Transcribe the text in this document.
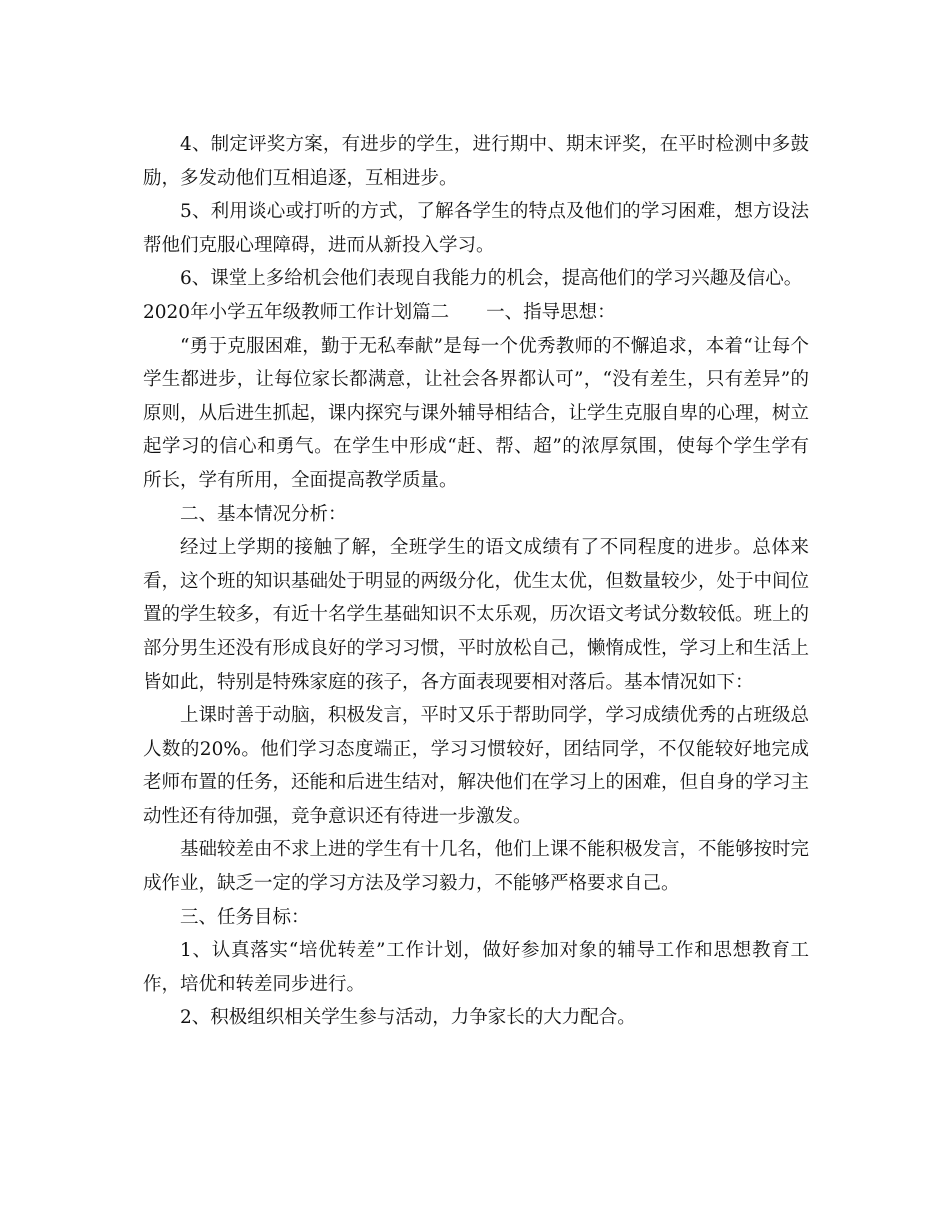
4、制定评奖方案，有进步的学生，进行期中、期末评奖，在平时检测中多鼓励，多发动他们互相追逐，互相进步。

5、利用谈心或打听的方式，了解各学生的特点及他们的学习困难，想方设法帮他们克服心理障碍，进而从新投入学习。

6、课堂上多给机会他们表现自我能力的机会，提高他们的学习兴趣及信心。

2020年小学五年级教师工作计划篇二　　一、指导思想：

“勇于克服困难，勤于无私奉献”是每一个优秀教师的不懈追求，本着“让每个学生都进步，让每位家长都满意，让社会各界都认可”，“没有差生，只有差异”的原则，从后进生抓起，课内探究与课外辅导相结合，让学生克服自卑的心理，树立起学习的信心和勇气。在学生中形成“赶、帮、超”的浓厚氛围，使每个学生学有所长，学有所用，全面提高教学质量。

二、基本情况分析：

经过上学期的接触了解，全班学生的语文成绩有了不同程度的进步。总体来看，这个班的知识基础处于明显的两级分化，优生太优，但数量较少，处于中间位置的学生较多，有近十名学生基础知识不太乐观，历次语文考试分数较低。班上的部分男生还没有形成良好的学习习惯，平时放松自己，懒惰成性，学习上和生活上皆如此，特别是特殊家庭的孩子，各方面表现要相对落后。基本情况如下：

上课时善于动脑，积极发言，平时又乐于帮助同学，学习成绩优秀的占班级总人数的20%。他们学习态度端正，学习习惯较好，团结同学，不仅能较好地完成老师布置的任务，还能和后进生结对，解决他们在学习上的困难，但自身的学习主动性还有待加强，竞争意识还有待进一步激发。

基础较差由不求上进的学生有十几名，他们上课不能积极发言，不能够按时完成作业，缺乏一定的学习方法及学习毅力，不能够严格要求自己。

三、任务目标：

1、认真落实“培优转差”工作计划，做好参加对象的辅导工作和思想教育工作，培优和转差同步进行。

2、积极组织相关学生参与活动，力争家长的大力配合。
